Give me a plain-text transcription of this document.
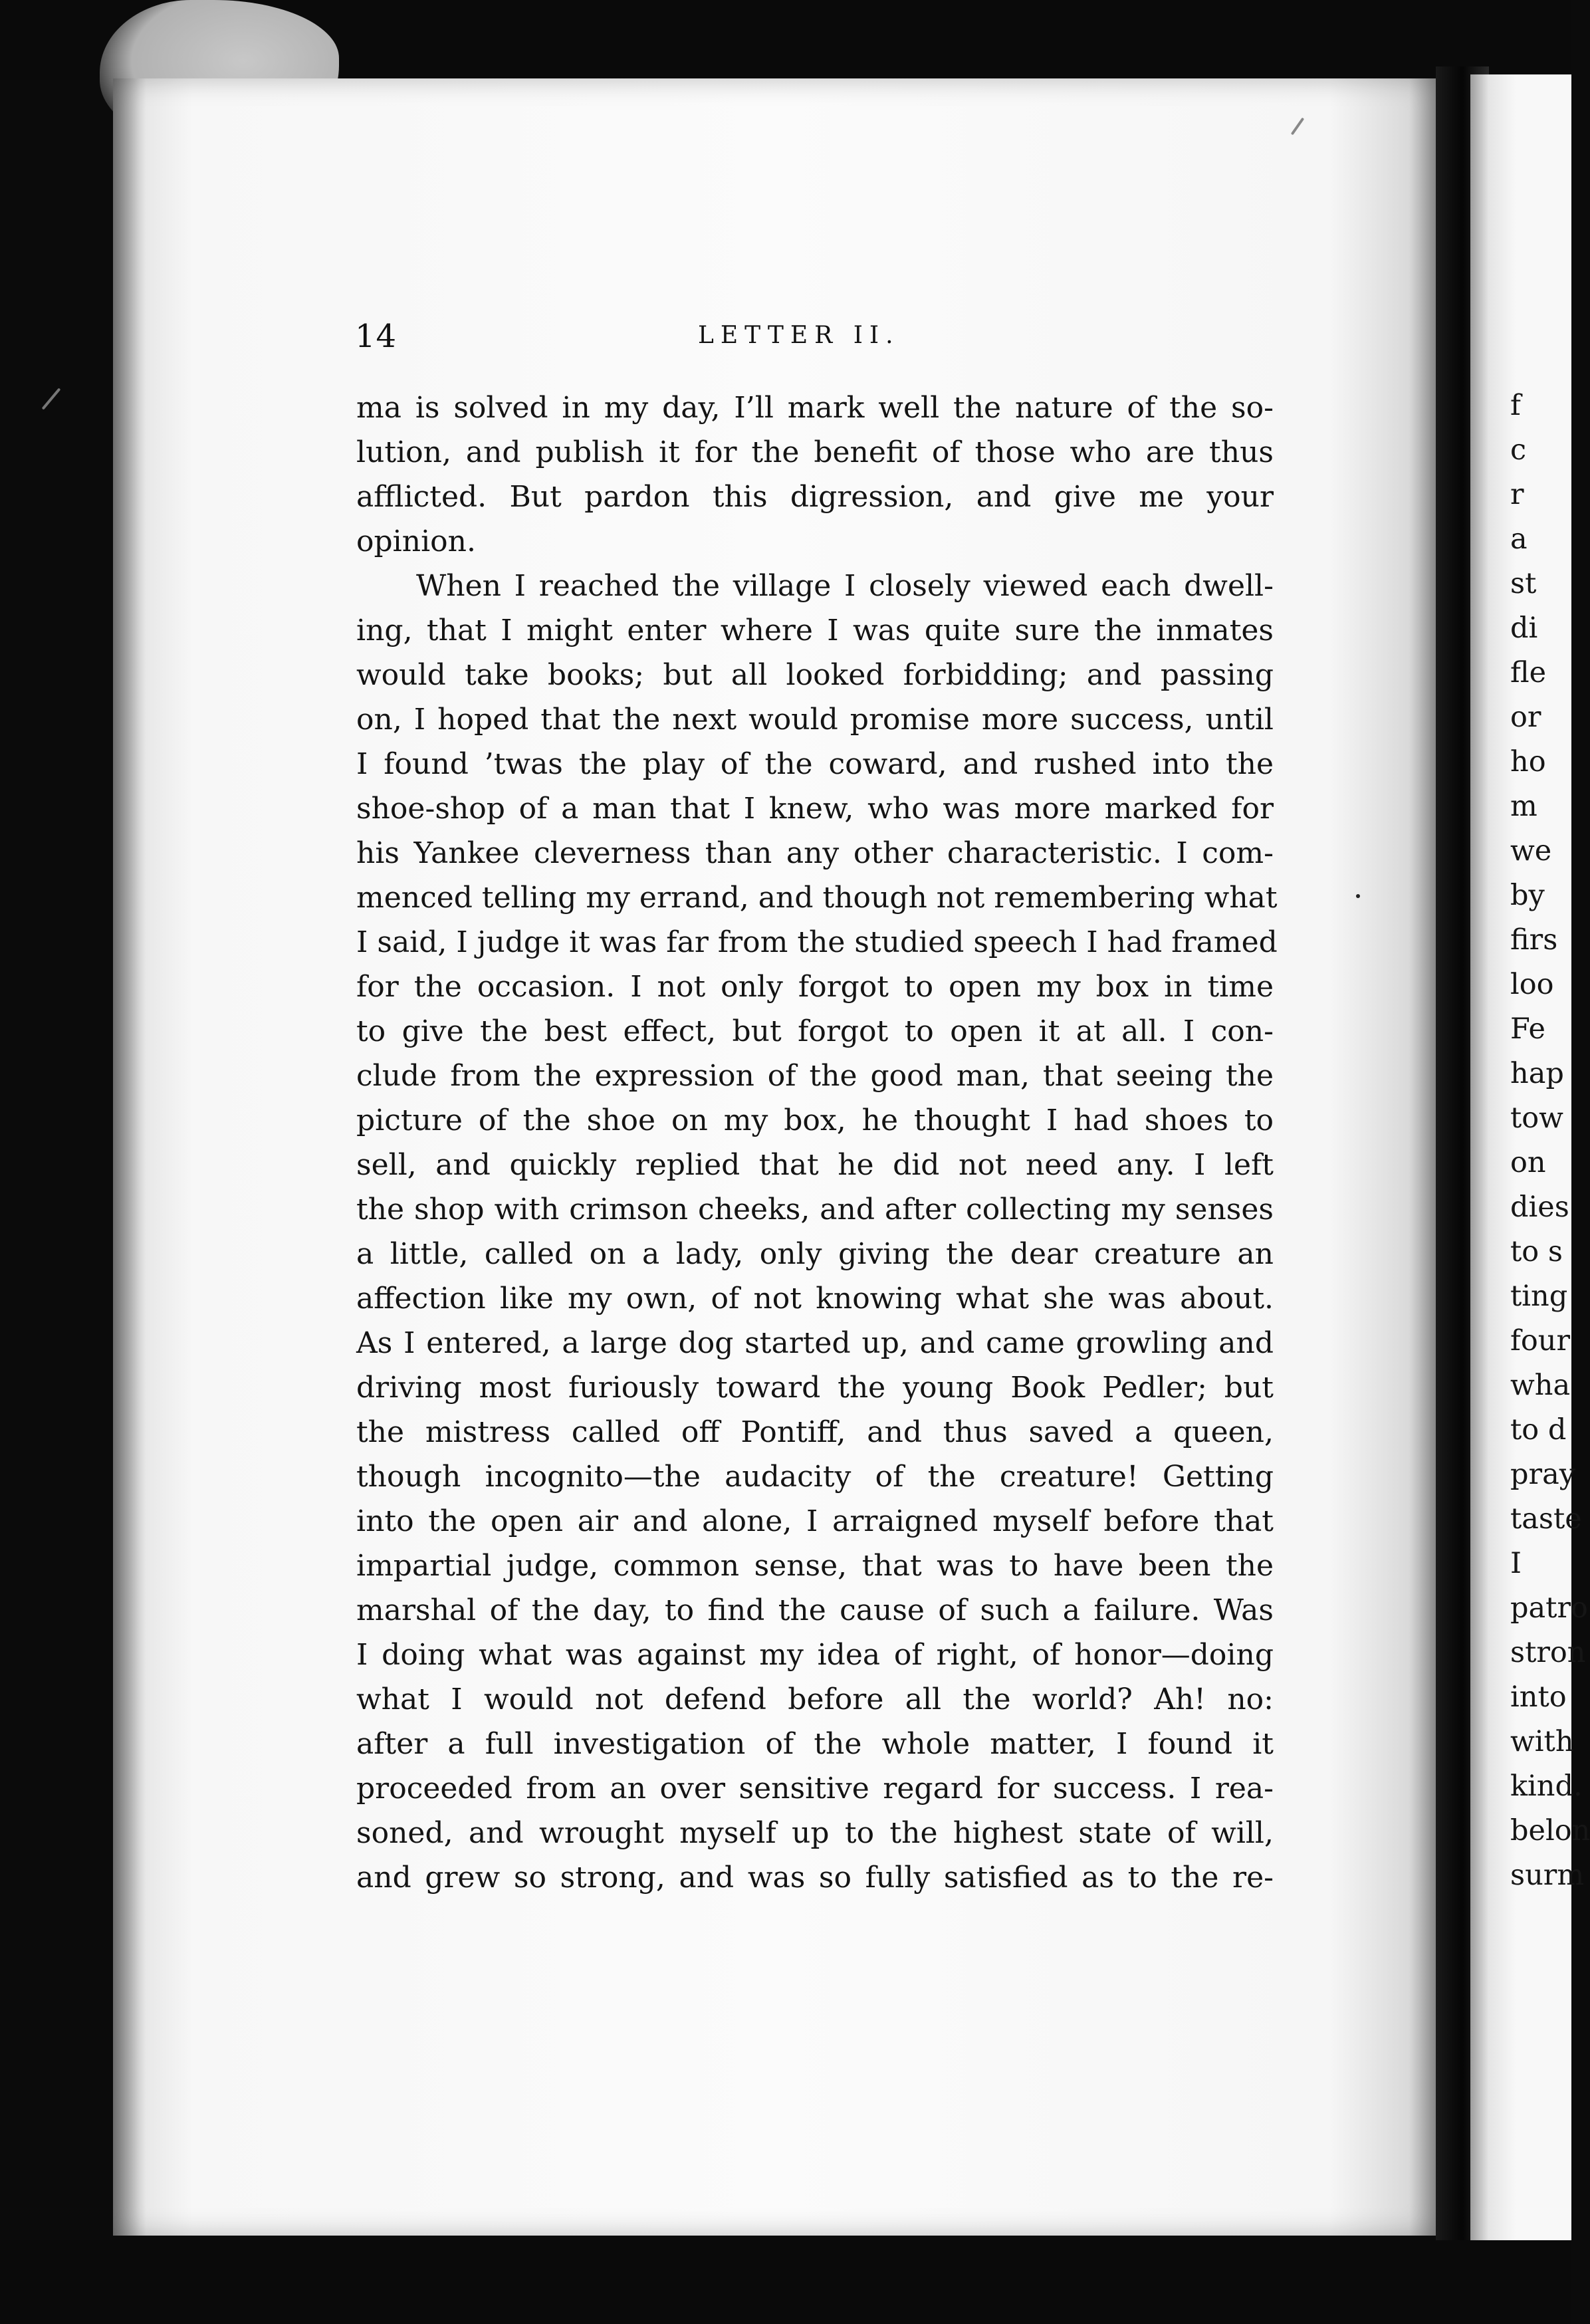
f

c

r

a

st

di

fle

or

ho

m

we

by

firs

loo

Fe

hap

tow

on

dies

to s

ting

four

wha

to d

pray

taste

I

patro

stron

into

with

kind.

belon

surm

14	LETTER II.
ma is solved in my day, I’ll mark well the nature of the so-
lution, and publish it for the benefit of those who are thus
afflicted. But pardon this digression, and give me your
opinion.
When I reached the village I closely viewed each dwell-
ing, that I might enter where I was quite sure the inmates
would take books; but all looked forbidding; and passing
on, I hoped that the next would promise more success, until
I found ’twas the play of the coward, and rushed into the
shoe-shop of a man that I knew, who was more marked for
his Yankee cleverness than any other characteristic. I com-
menced telling my errand, and though not remembering what
I said, I judge it was far from the studied speech I had framed
for the occasion. I not only forgot to open my box in time
to give the best effect, but forgot to open it at all. I con-
clude from the expression of the good man, that seeing the
picture of the shoe on my box, he thought I had shoes to
sell, and quickly replied that he did not need any. I left
the shop with crimson cheeks, and after collecting my senses
a little, called on a lady, only giving the dear creature an
affection like my own, of not knowing what she was about.
As I entered, a large dog started up, and came growling and
driving most furiously toward the young Book Pedler; but
the mistress called off Pontiff, and thus saved a queen,
though incognito—the audacity of the creature! Getting
into the open air and alone, I arraigned myself before that
impartial judge, common sense, that was to have been the
marshal of the day, to find the cause of such a failure. Was
I doing what was against my idea of right, of honor—doing
what I would not defend before all the world? Ah! no:
after a full investigation of the whole matter, I found it
proceeded from an over sensitive regard for success. I rea-
soned, and wrought myself up to the highest state of will,
and grew so strong, and was so fully satisfied as to the re-
